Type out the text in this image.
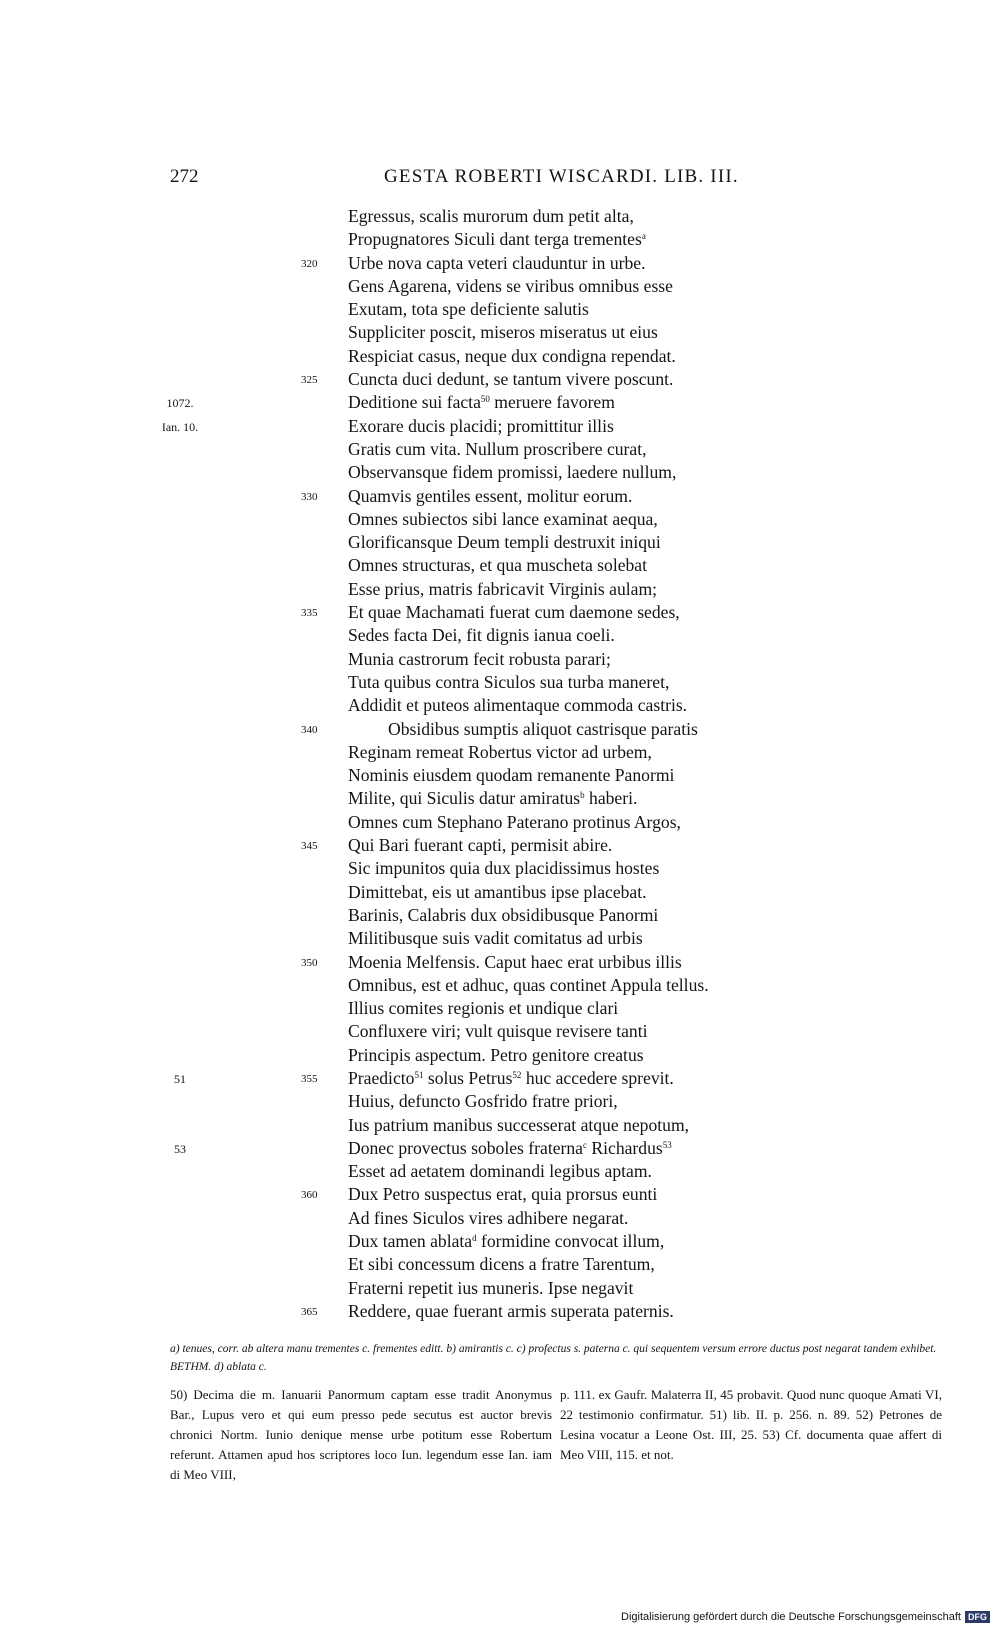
272	GESTA ROBERTI WISCARDI. LIB. III.
Egressus, scalis murorum dum petit alta,
Propugnatores Siculi dant terga trementes$^a$
320	Urbe nova capta veteri clauduntur in urbe.
Gens Agarena, videns se viribus omnibus esse
Exutam, tota spe deficiente salutis
Suppliciter poscit, miseros miseratus ut eius
Respiciat casus, neque dux condigna rependat.
325	Cuncta duci dedunt, se tantum vivere poscunt.
1072.	Deditione sui facta$^{50}$ meruere favorem
Ian. 10.	Exorare ducis placidi; promittitur illis
Gratis cum vita. Nullum proscribere curat,
Observansque fidem promissi, laedere nullum,
330	Quamvis gentiles essent, molitur eorum.
Omnes subiectos sibi lance examinat aequa,
Glorificansque Deum templi destruxit iniqui
Omnes structuras, et qua muscheta solebat
Esse prius, matris fabricavit Virginis aulam;
335	Et quae Machamati fuerat cum daemone sedes,
Sedes facta Dei, fit dignis ianua coeli.
Munia castrorum fecit robusta parari;
Tuta quibus contra Siculos sua turba maneret,
Addidit et puteos alimentaque commoda castris.
340	Obsidibus sumptis aliquot castrisque paratis
Reginam remeat Robertus victor ad urbem,
Nominis eiusdem quodam remanente Panormi
Milite, qui Siculis datur amiratus$^b$ haberi.
Omnes cum Stephano Paterano protinus Argos,
345	Qui Bari fuerant capti, permisit abire.
Sic impunitos quia dux placidissimus hostes
Dimittebat, eis ut amantibus ipse placebat.
Barinis, Calabris dux obsidibusque Panormi
Militibusque suis vadit comitatus ad urbis
350	Moenia Melfensis. Caput haec erat urbibus illis
Omnibus, est et adhuc, quas continet Appula tellus.
Illius comites regionis et undique clari
Confluxere viri; vult quisque revisere tanti
Principis aspectum. Petro genitore creatus
51	355	Praedicto$^{51}$ solus Petrus$^{52}$ huc accedere sprevit.
Huius, defuncto Gosfrido fratre priori,
Ius patrium manibus successerat atque nepotum,
53	Donec provectus soboles fraterna$^c$ Richardus$^{53}$
Esset ad aetatem dominandi legibus aptam.
360	Dux Petro suspectus erat, quia prorsus eunti
Ad fines Siculos vires adhibere negarat.
Dux tamen ablata$^d$ formidine convocat illum,
Et sibi concessum dicens a fratre Tarentum,
Fraterni repetit ius muneris. Ipse negavit
365	Reddere, quae fuerant armis superata paternis.
a) tenues, corr. ab altera manu trementes c. frementes editt. b) amirantis c. c) profectus s. paterna c. qui sequentem versum errore ductus post negarat tandem exhibet. BETHM. d) ablata c.
50) Decima die m. Ianuarii Panormum captam esse tradit Anonymus Bar., Lupus vero et qui eum presso pede secutus est auctor brevis chronici Nortm. Iunio denique mense urbe potitum esse Robertum referunt. Attamen apud hos scriptores loco Iun. legendum esse Ian. iam di Meo VIII,
p. 111. ex Gaufr. Malaterra II, 45 probavit. Quod nunc quoque Amati VI, 22 testimonio confirmatur. 51) lib. II. p. 256. n. 89. 52) Petrones de Lesina vocatur a Leone Ost. III, 25. 53) Cf. documenta quae affert di Meo VIII, 115. et not.
Digitalisierung gefördert durch die Deutsche Forschungsgemeinschaft DFG
